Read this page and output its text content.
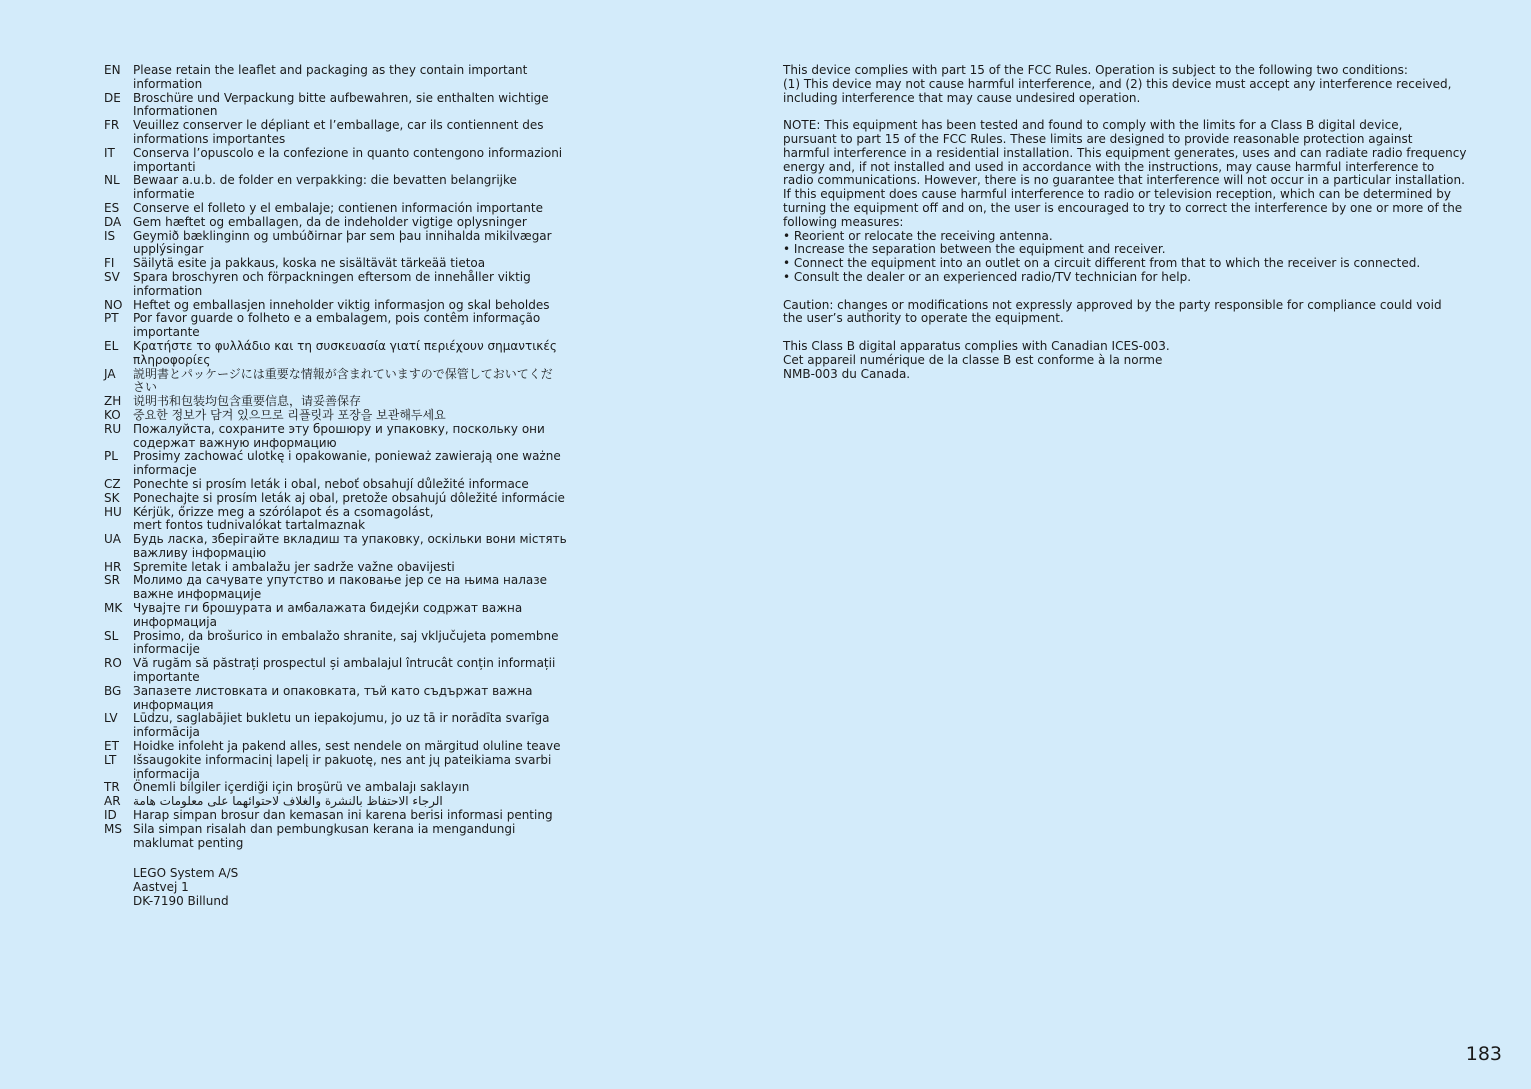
EN	Please retain the leaflet and packaging as they contain important
information
DE	Broschüre und Verpackung bitte aufbewahren, sie enthalten wichtige
Informationen
FR	Veuillez conserver le dépliant et l’emballage, car ils contiennent des
informations importantes
IT	Conserva l’opuscolo e la confezione in quanto contengono informazioni
importanti
NL	Bewaar a.u.b. de folder en verpakking: die bevatten belangrijke
informatie
ES	Conserve el folleto y el embalaje; contienen información importante
DA Gem hæftet og emballagen, da de indeholder vigtige oplysninger
IS	Geymið bæklinginn og umbúðirnar þar sem þau innihalda mikilvægar
upplýsingar
FI	Säilytä esite ja pakkaus, koska ne sisältävät tärkeää tietoa
SV	Spara broschyren och förpackningen eftersom de innehåller viktig
information
NO Heftet og emballasjen inneholder viktig informasjon og skal beholdes
PT	Por favor guarde o folheto e a embalagem, pois contêm informação
importante
EL	Κρατήστε το φυλλάδιο και τη συσκευασία γιατί περιέχουν σημαντικές
πληροφορίες
JA	説明書とパッケージには重要な情報が含まれていますので保管しておいてくだ
さい
ZH 说明书和包装均包含重要信息，请妥善保存
KO	중요한 정보가 담겨 있으므로 리플릿과 포장을 보관해두세요
RU Пожалуйста, сохраните эту брошюру и упаковку, поскольку они
содержат важную информацию
PL	Prosimy zachować ulotkę i opakowanie, ponieważ zawierają one ważne
informacje
CZ	Ponechte si prosím leták i obal, neboť obsahují důležité informace
SK	Ponechajte si prosím leták aj obal, pretože obsahujú dôležité informácie
HU Kérjük, őrizze meg a szórólapot és a csomagolást,
mert fontos tudnivalókat tartalmaznak
UA	Будь ласка, зберігайте вкладиш та упаковку, оскільки вони містять
важливу інформацію
HR Spremite letak i ambalažu jer sadrže važne obavijesti
SR	Молимо да сачувате упутство и паковање јер се на њима налазе
важне информације
MK Чувајте ги брошурата и амбалажата бидејќи содржат важна
информација
SL	Prosimo, da brošurico in embalažo shranite, saj vključujeta pomembne
informacije
RO Vă rugăm să păstrați prospectul și ambalajul întrucât conțin informații
importante
BG Запазете листовката и опаковката, тъй като съдържат важна
информация
LV	Lūdzu, saglabājiet bukletu un iepakojumu, jo uz tā ir norādīta svarīga
informācija
ET	Hoidke infoleht ja pakend alles, sest nendele on märgitud oluline teave
LT	Išsaugokite informacinį lapelį ir pakuotę, nes ant jų pateikiama svarbi
informacija
TR	Önemli bilgiler içerdiği için broşürü ve ambalajı saklayın
AR	الرجاء الاحتفاظ بالنشرة والغلاف لاحتوائهما على معلومات هامة
ID	Harap simpan brosur dan kemasan ini karena berisi informasi penting
MS Sila simpan risalah dan pembungkusan kerana ia mengandungi
maklumat penting
LEGO System A/S
Aastvej 1
DK-7190 Billund

This device complies with part 15 of the FCC Rules. Operation is subject to the following two conditions:
(1) This device may not cause harmful interference, and (2) this device must accept any interference received,
including interference that may cause undesired operation.

NOTE: This equipment has been tested and found to comply with the limits for a Class B digital device,
pursuant to part 15 of the FCC Rules. These limits are designed to provide reasonable protection against
harmful interference in a residential installation. This equipment generates, uses and can radiate radio frequency
energy and, if not installed and used in accordance with the instructions, may cause harmful interference to
radio communications. However, there is no guarantee that interference will not occur in a particular installation.
If this equipment does cause harmful interference to radio or television reception, which can be determined by
turning the equipment off and on, the user is encouraged to try to correct the interference by one or more of the
following measures:
• Reorient or relocate the receiving antenna.
• Increase the separation between the equipment and receiver.
• Connect the equipment into an outlet on a circuit different from that to which the receiver is connected.
• Consult the dealer or an experienced radio/TV technician for help.

Caution: changes or modifications not expressly approved by the party responsible for compliance could void
the user’s authority to operate the equipment.

This Class B digital apparatus complies with Canadian ICES-003.
Cet appareil numérique de la classe B est conforme à la norme
NMB-003 du Canada.

183
